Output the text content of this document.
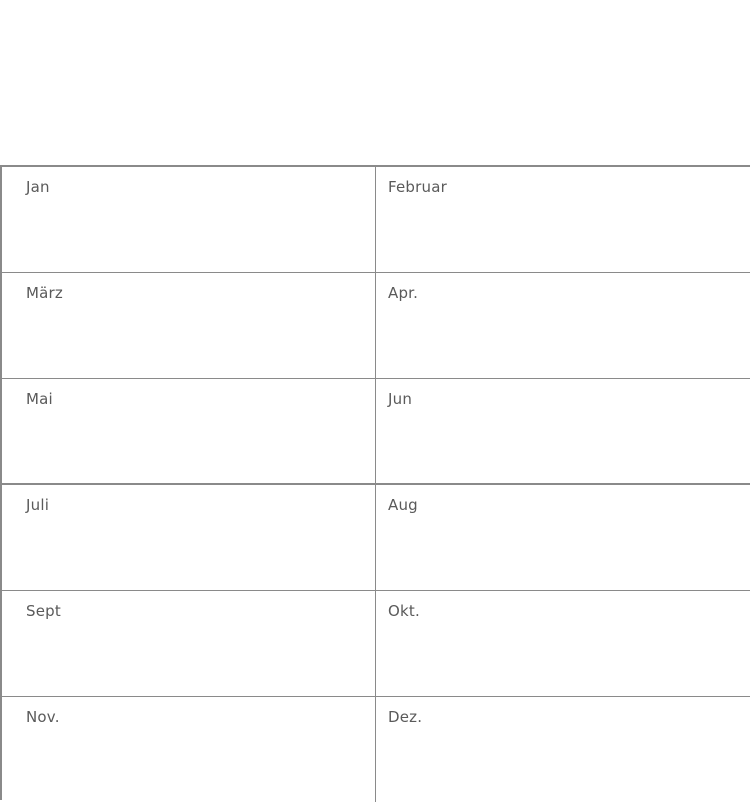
Jan	Februar
März	Apr.
Mai	Jun
Juli	Aug
Sept	Okt.
Nov.	Dez.
